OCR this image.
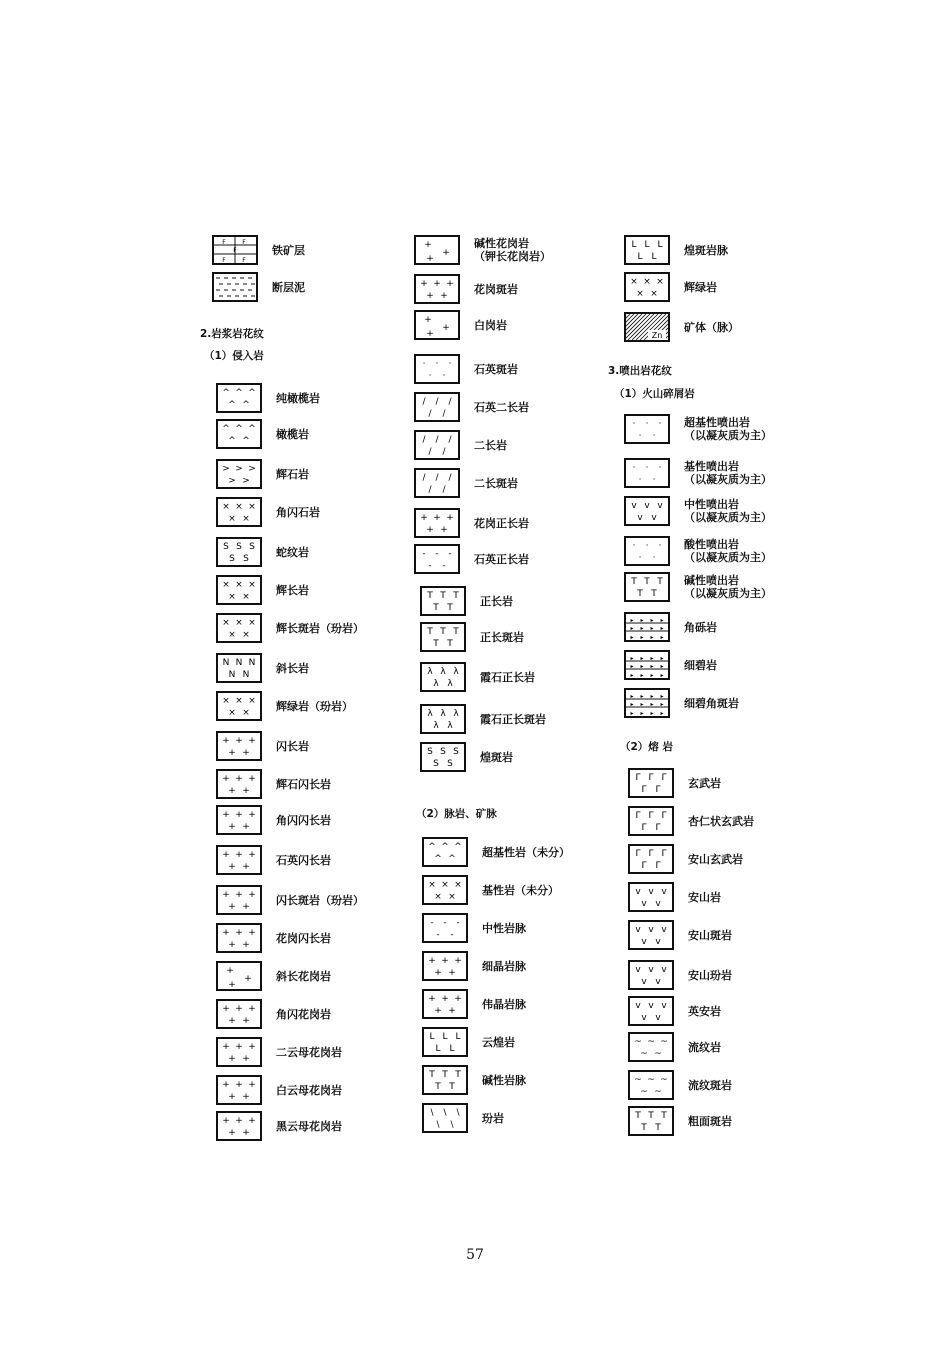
F	F
F
F	F
铁矿层
断层泥
2.岩浆岩花纹
（1）侵入岩
^ ^ ^
^ ^
纯橄榄岩
^ ^ ^
^ ^
橄榄岩
> > >
> >
辉石岩
× × ×
× ×
角闪石岩
S S S
S S
蛇纹岩
× × ×
× ×
辉长岩
× × ×
× ×
辉长斑岩（玢岩）
N N N
N N
斜长岩
× × ×
× ×
辉绿岩（玢岩）
+ + +
+ +
闪长岩
+ + +
+ +
辉石闪长岩
+ + +
+ +
角闪闪长岩
+ + +
+ +
石英闪长岩
+ + +
+ +
闪长斑岩（玢岩）
+ + +
+ +
花岗闪长岩
+
+
+
斜长花岗岩
+ + +
+ +
角闪花岗岩
+ + +
+ +
二云母花岗岩
+ + +
+ +
白云母花岗岩
+ + +
+ +
黑云母花岗岩
+
+
+
碱性花岗岩
（钾长花岗岩）
+ + +
+ +
花岗斑岩
+
+
+
白岗岩
· · ·
· ·
石英斑岩
/ / /
/ /
石英二长岩
/ / /
/ /
二长岩
/ / /
/ /
二长斑岩
+ + +
+ +
花岗正长岩
- - -
- -
石英正长岩
T T T
T T
正长岩
T T T
T T
正长斑岩
λ λ λ
λ λ
霞石正长岩
λ λ λ
λ λ
霞石正长斑岩
S S S
S S
煌斑岩
（2）脉岩、矿脉
^ ^ ^
^ ^
超基性岩（未分）
× × ×
× ×
基性岩（未分）
- - -
- -
中性岩脉
+ + +
+ +
细晶岩脉
+ + +
+ +
伟晶岩脉
L L L
L L
云煌岩
T T T
T T
碱性岩脉
\ \ \
\ \
玢岩
L L L
L L
煌斑岩脉
× × ×
× ×
辉绿岩
Zn
矿体（脉）
3.喷出岩花纹
（1）火山碎屑岩
· · ·
· ·
超基性喷出岩
（以凝灰质为主）
· · ·
· ·
基性喷出岩
（以凝灰质为主）
v v v
v v
中性喷出岩
（以凝灰质为主）
· · ·
· ·
酸性喷出岩
（以凝灰质为主）
T T T
T T
碱性喷出岩
（以凝灰质为主）
▸
▸
▸
▸
▸
▸
▸
▸
▸
▸
▸
▸
角砾岩
▸
▸
▸
▸
▸
▸
▸
▸
▸
▸
▸
▸
细碧岩
▸
▸
▸
▸
▸
▸
▸
▸
▸
▸
▸
▸
细碧角斑岩
（2）熔 岩
Γ Γ Γ
Γ Γ
玄武岩
Γ Γ Γ
Γ Γ
杏仁状玄武岩
Γ Γ Γ
Γ Γ
安山玄武岩
v v v
v v
安山岩
v v v
v v
安山斑岩
v v v
v v
安山玢岩
v v v
v v
英安岩
~ ~ ~
~ ~
流纹岩
~ ~ ~
~ ~
流纹斑岩
T T T
T T
粗面斑岩
57
